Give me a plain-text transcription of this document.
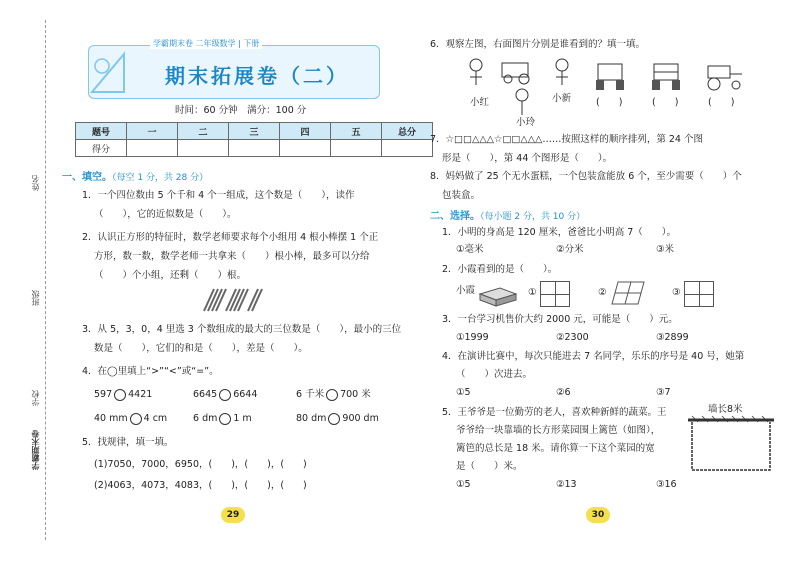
姓名
班级
学校
学霸期末卷
学霸期末卷 二年级数学 | 下册
期末拓展卷（二）
时间：60 分钟　满分：100 分
题号	一	二	三	四	五	总分
得分						
一、填空。（每空 1 分，共 28 分）
1．一个四位数由 5 个千和 4 个一组成，这个数是（　　），读作
（　　），它的近似数是（　　）。
2．认识正方形的特征时，数学老师要求每个小组用 4 根小棒摆 1 个正
方形，数一数，数学老师一共拿来（　　）根小棒，最多可以分给
（　　）个小组，还剩（　　）根。
3．从 5，3，0，4 里选 3 个数组成的最大的三位数是（　　），最小的三位
数是（　　），它们的和是（　　），差是（　　）。
4．在◯里填上“>”“<”或“=”。
597 4421	6645 6644	6 千米 700 米
40 mm 4 cm	6 dm 1 m	80 dm 900 dm
5．找规律，填一填。
(1)7050，7000，6950，(　　)，(　　)，(　　)
(2)4063，4073，4083，(　　)，(　　)，(　　)
29
6．观察左图，右面图片分别是谁看到的？填一填。
小红
小玲
小新	(　　)	(　　)	(　　)
7．☆□□△△△☆□□△△△……按照这样的顺序排列，第 24 个图
形是（　　），第 44 个图形是（　　）。
8．妈妈做了 25 个无水蛋糕，一个包装盒能放 6 个，至少需要（　　）个
包装盒。
二、选择。（每小题 2 分，共 10 分）
1．小明的身高是 120 厘米，爸爸比小明高 7（　　）。
①毫米	②分米	③米
2．小霞看到的是（　　）。
小霞	①	②	③
3．一台学习机售价大约 2000 元，可能是（　　）元。
①1999	②2300	③2899
4．在演讲比赛中，每次只能进去 7 名同学，乐乐的序号是 40 号，她第
（　　）次进去。
①5	②6	③7
5．王爷爷是一位勤劳的老人，喜欢种新鲜的蔬菜。王
爷爷给一块靠墙的长方形菜园围上篱笆（如图），
篱笆的总长是 18 米。请你算一下这个菜园的宽
是（　　）米。
墙长8米
①5	②13	③16
30
